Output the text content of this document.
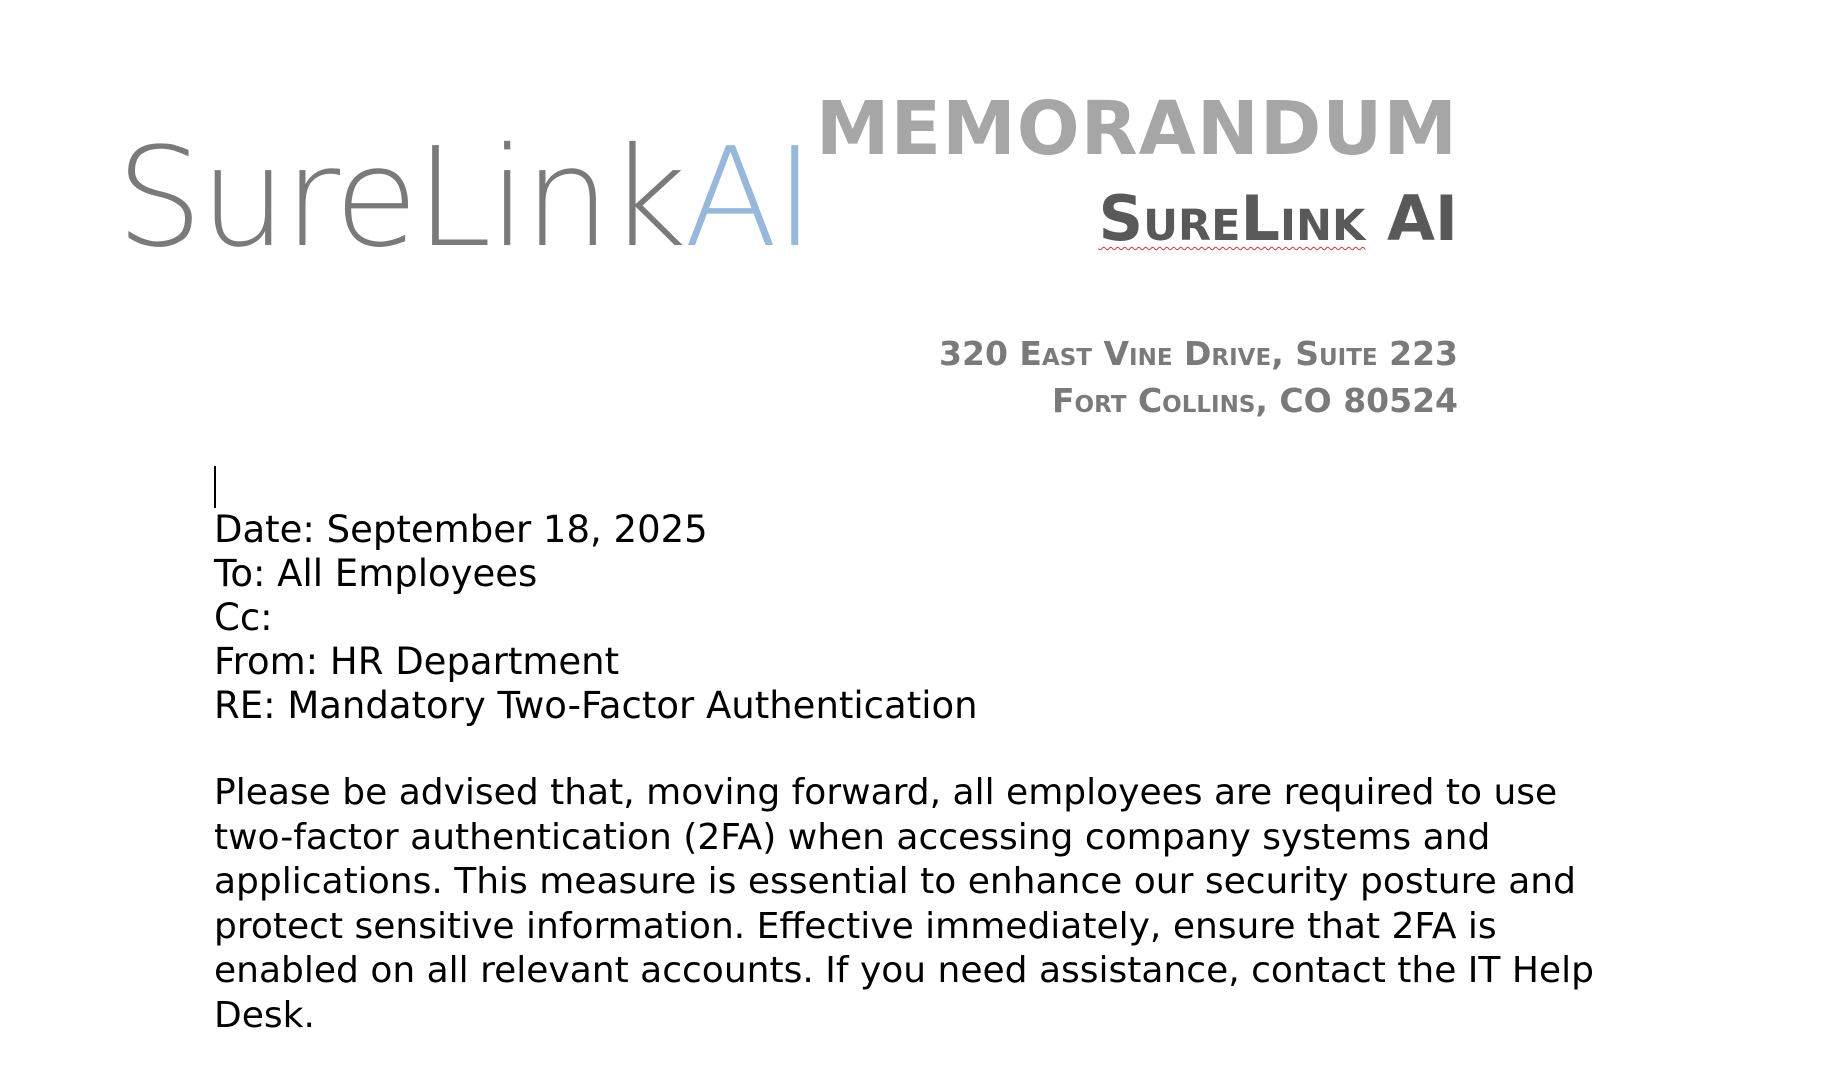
SureLinkAI MEMORANDUM
SureLink AI
320 East Vine Drive, Suite 223
Fort Collins, CO 80524
Date: September 18, 2025
To: All Employees
Cc:
From: HR Department
RE: Mandatory Two-Factor Authentication
Please be advised that, moving forward, all employees are required to use two-factor authentication (2FA) when accessing company systems and applications. This measure is essential to enhance our security posture and protect sensitive information. Effective immediately, ensure that 2FA is enabled on all relevant accounts. If you need assistance, contact the IT Help Desk.
